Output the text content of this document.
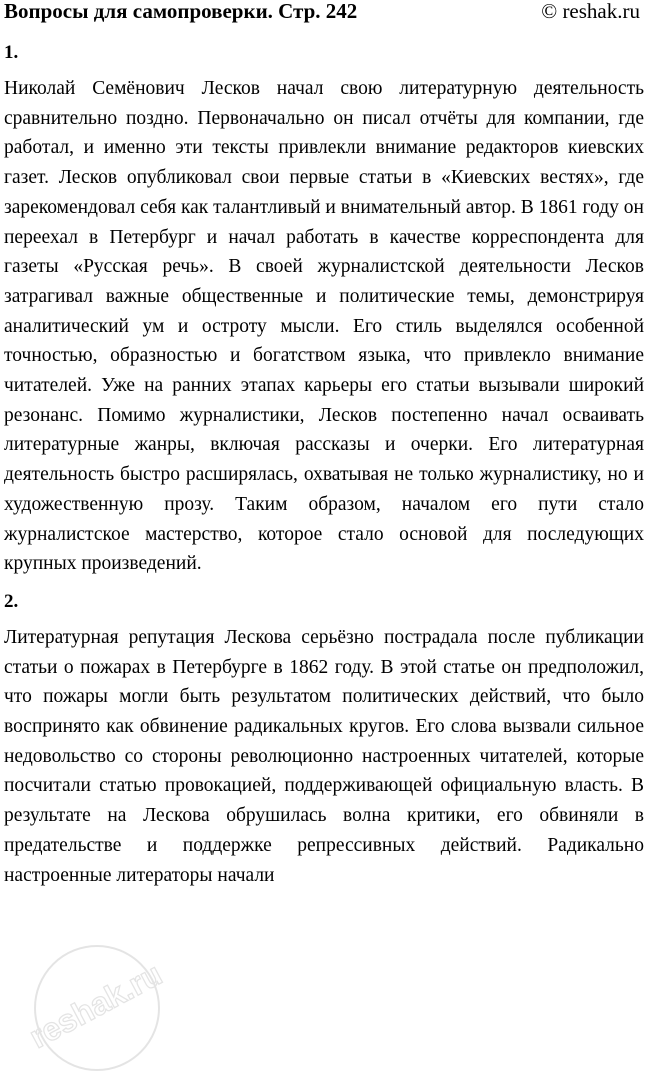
Вопросы для самопроверки. Стр. 242	© reshak.ru
1.

Николай Семёнович Лесков начал свою литературную деятельность сравнительно поздно. Первоначально он писал отчёты для компании, где работал, и именно эти тексты привлекли внимание редакторов киевских газет. Лесков опубликовал свои первые статьи в «Киевских вестях», где зарекомендовал себя как талантливый и внимательный автор. В 1861 году он переехал в Петербург и начал работать в качестве корреспондента для газеты «Русская речь». В своей журналистской деятельности Лесков затрагивал важные общественные и политические темы, демонстрируя аналитический ум и остроту мысли. Его стиль выделялся особенной точностью, образностью и богатством языка, что привлекло внимание читателей. Уже на ранних этапах карьеры его статьи вызывали широкий резонанс. Помимо журналистики, Лесков постепенно начал осваивать литературные жанры, включая рассказы и очерки. Его литературная деятельность быстро расширялась, охватывая не только журналистику, но и художественную прозу. Таким образом, началом его пути стало журналистское мастерство, которое стало основой для последующих крупных произведений.

2.

Литературная репутация Лескова серьёзно пострадала после публикации статьи о пожарах в Петербурге в 1862 году. В этой статье он предположил, что пожары могли быть результатом политических действий, что было воспринято как обвинение радикальных кругов. Его слова вызвали сильное недовольство со стороны революционно настроенных читателей, которые посчитали статью провокацией, поддерживающей официальную власть. В результате на Лескова обрушилась волна критики, его обвиняли в предательстве и поддержке репрессивных действий. Радикально настроенные литераторы начали

reshak.ru
